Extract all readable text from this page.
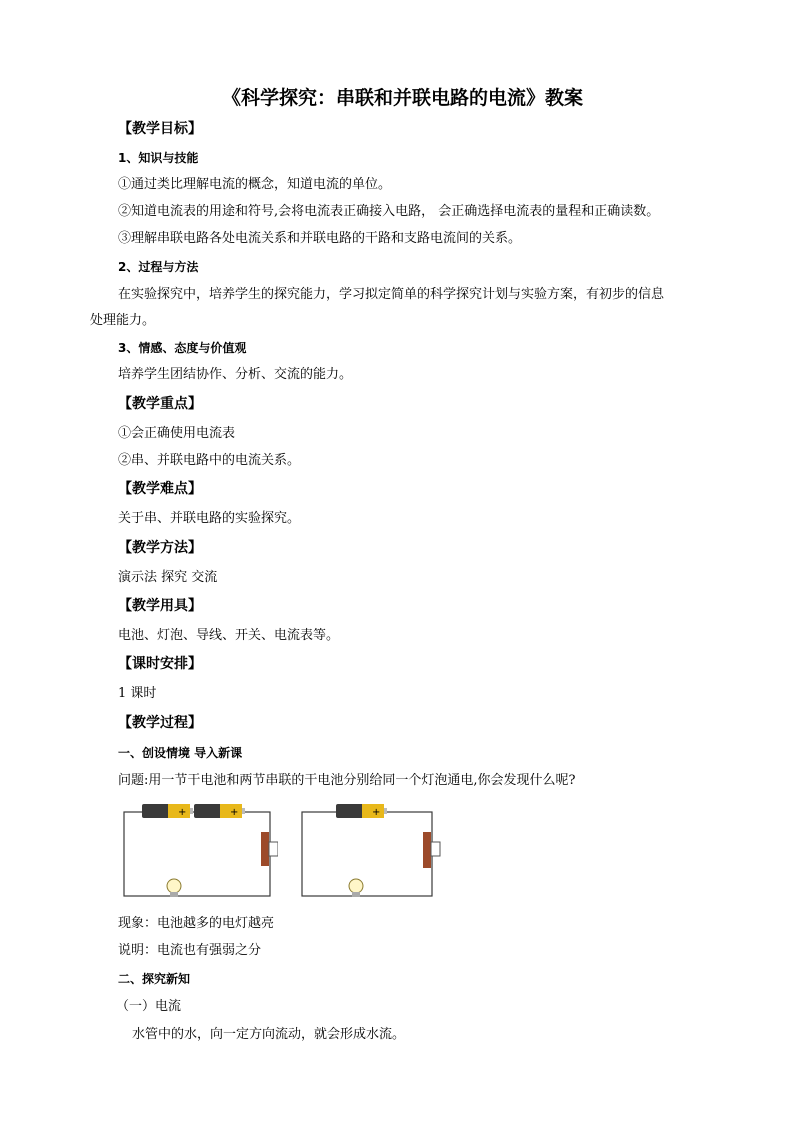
《科学探究：串联和并联电路的电流》教案
【教学目标】
1、知识与技能
①通过类比理解电流的概念，知道电流的单位。
②知道电流表的用途和符号,会将电流表正确接入电路， 会正确选择电流表的量程和正确读数。
③理解串联电路各处电流关系和并联电路的干路和支路电流间的关系。
2、过程与方法
在实验探究中，培养学生的探究能力，学习拟定简单的科学探究计划与实验方案，有初步的信息
处理能力。
3、情感、态度与价值观
培养学生团结协作、分析、交流的能力。
【教学重点】
①会正确使用电流表
②串、并联电路中的电流关系。
【教学难点】
关于串、并联电路的实验探究。
【教学方法】
演示法 探究 交流
【教学用具】
电池、灯泡、导线、开关、电流表等。
【课时安排】
1 课时
【教学过程】
一、创设情境 导入新课
问题:用一节干电池和两节串联的干电池分别给同一个灯泡通电,你会发现什么呢?
+	+	+
现象：电池越多的电灯越亮
说明：电流也有强弱之分
二、探究新知
（一）电流
水管中的水，向一定方向流动，就会形成水流。
